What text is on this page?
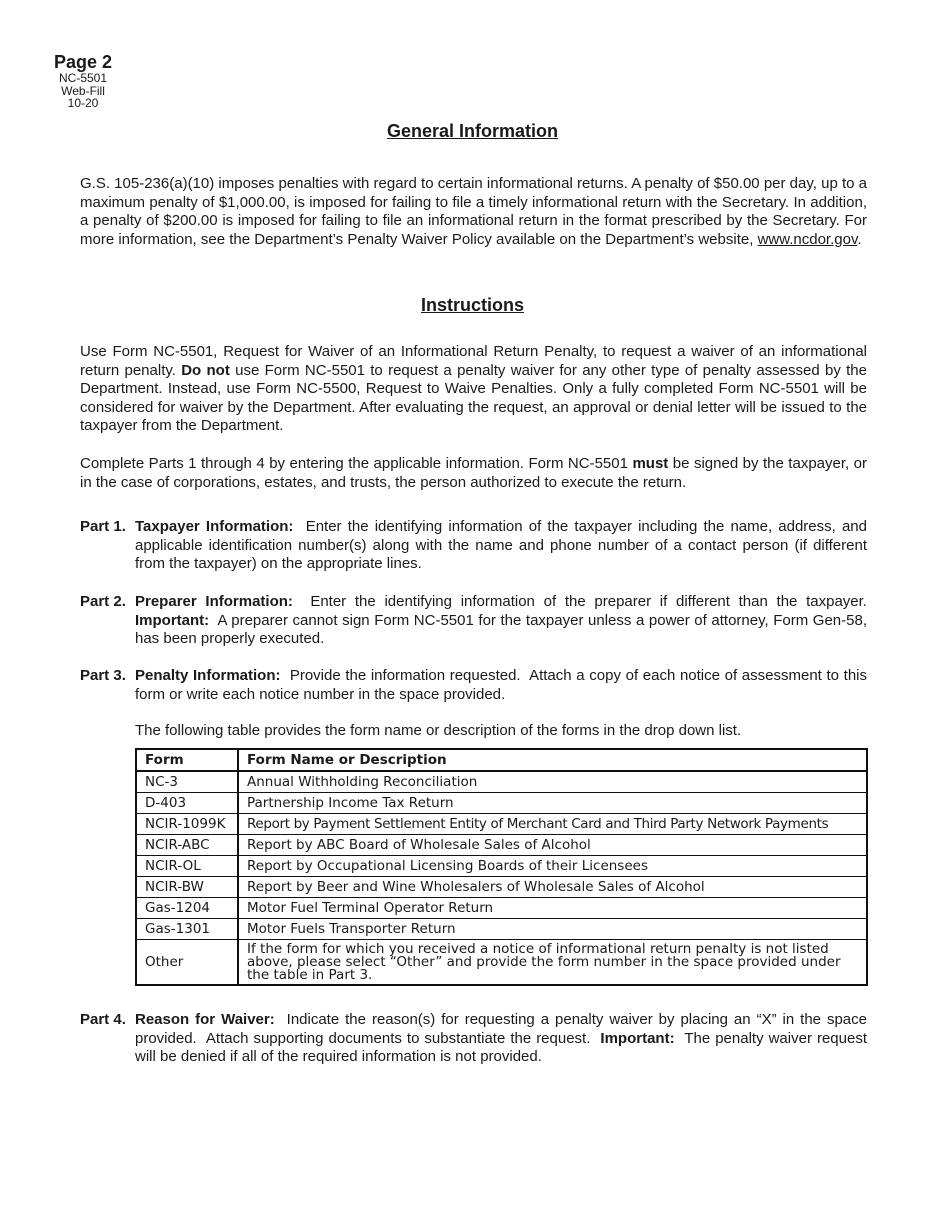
Page 2
NC-5501
Web-Fill
10-20
General Information

G.S. 105-236(a)(10) imposes penalties with regard to certain informational returns. A penalty of $50.00 per day, up to a maximum penalty of $1,000.00, is imposed for failing to file a timely informational return with the Secretary. In addition, a penalty of $200.00 is imposed for failing to file an informational return in the format prescribed by the Secretary. For more information, see the Department’s Penalty Waiver Policy available on the Department’s website, www.ncdor.gov.

Instructions

Use Form NC-5501, Request for Waiver of an Informational Return Penalty, to request a waiver of an informational return penalty. Do not use Form NC-5501 to request a penalty waiver for any other type of penalty assessed by the Department. Instead, use Form NC-5500, Request to Waive Penalties. Only a fully completed Form NC-5501 will be considered for waiver by the Department. After evaluating the request, an approval or denial letter will be issued to the taxpayer from the Department.

Complete Parts 1 through 4 by entering the applicable information. Form NC-5501 must be signed by the taxpayer, or in the case of corporations, estates, and trusts, the person authorized to execute the return.

Part 1. Taxpayer Information:  Enter the identifying information of the taxpayer including the name, address, and applicable identification number(s) along with the name and phone number of a contact person (if different from the taxpayer) on the appropriate lines.
Part 2. Preparer Information:  Enter the identifying information of the preparer if different than the taxpayer. Important:  A preparer cannot sign Form NC-5501 for the taxpayer unless a power of attorney, Form Gen-58, has been properly executed.
Part 3. Penalty Information:  Provide the information requested.  Attach a copy of each notice of assessment to this form or write each notice number in the space provided.
The following table provides the form name or description of the forms in the drop down list.
Form	Form Name or Description
NC-3	Annual Withholding Reconciliation
D-403	Partnership Income Tax Return
NCIR-1099K	Report by Payment Settlement Entity of Merchant Card and Third Party Network Payments
NCIR-ABC	Report by ABC Board of Wholesale Sales of Alcohol
NCIR-OL	Report by Occupational Licensing Boards of their Licensees
NCIR-BW	Report by Beer and Wine Wholesalers of Wholesale Sales of Alcohol
Gas-1204	Motor Fuel Terminal Operator Return
Gas-1301	Motor Fuels Transporter Return
Other	If the form for which you received a notice of informational return penalty is not listed above, please select “Other” and provide the form number in the space provided under the table in Part 3.
Part 4. Reason for Waiver:  Indicate the reason(s) for requesting a penalty waiver by placing an “X” in the space provided.  Attach supporting documents to substantiate the request.  Important:  The penalty waiver request will be denied if all of the required information is not provided.
